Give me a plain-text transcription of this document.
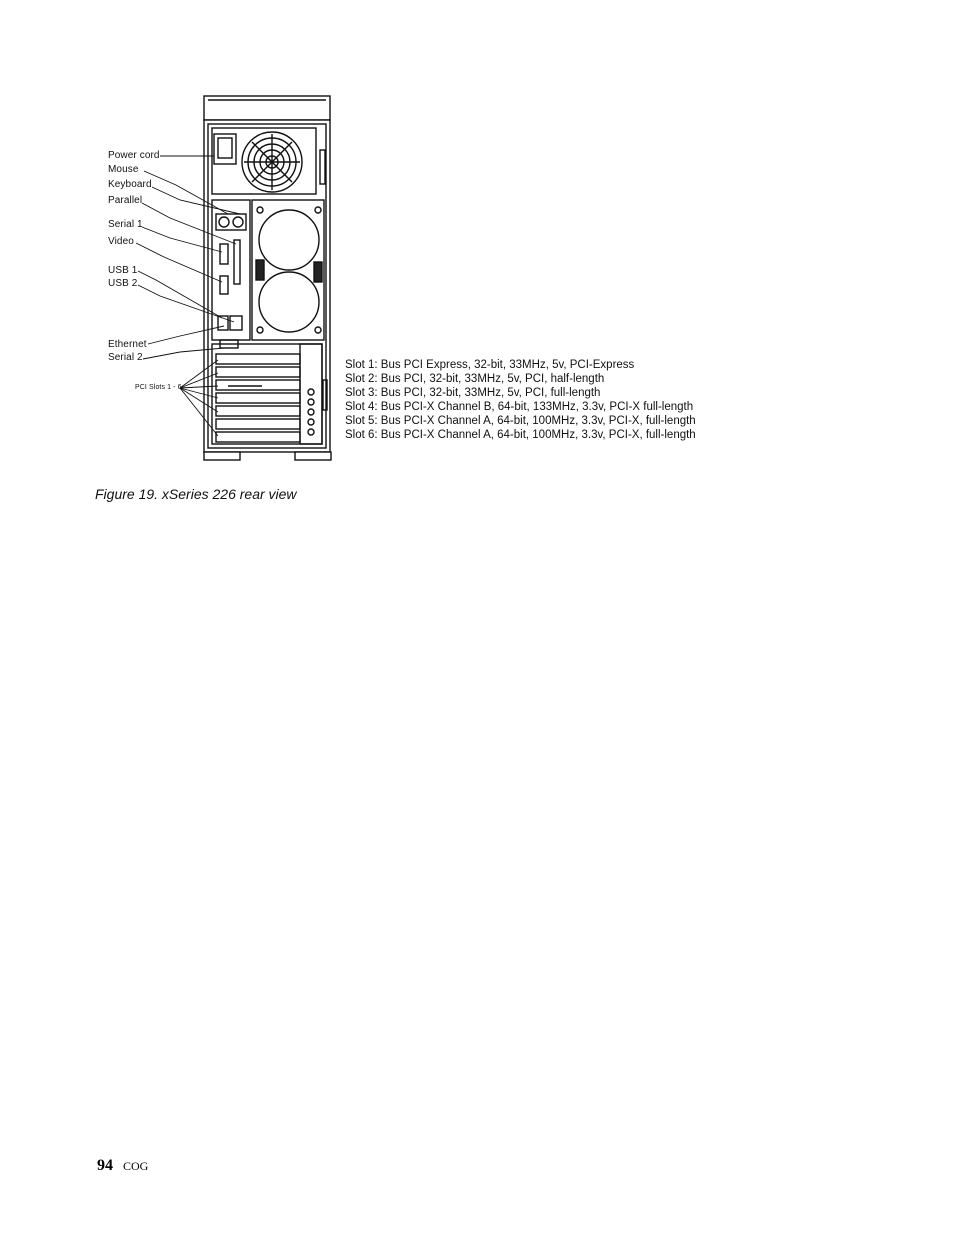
Power cord
Mouse
Keyboard
Parallel
Serial 1
Video
USB 1
USB 2
Ethernet
Serial 2
PCI Slots 1 - 6
Slot 1: Bus PCI Express, 32-bit, 33MHz, 5v, PCI-Express
Slot 2: Bus PCI, 32-bit, 33MHz, 5v, PCI, half-length
Slot 3: Bus PCI, 32-bit, 33MHz, 5v, PCI, full-length
Slot 4: Bus PCI-X Channel B, 64-bit, 133MHz, 3.3v, PCI-X full-length
Slot 5: Bus PCI-X Channel A, 64-bit, 100MHz, 3.3v, PCI-X, full-length
Slot 6: Bus PCI-X Channel A, 64-bit, 100MHz, 3.3v, PCI-X, full-length
Figure 19. xSeries 226 rear view
94 COG
